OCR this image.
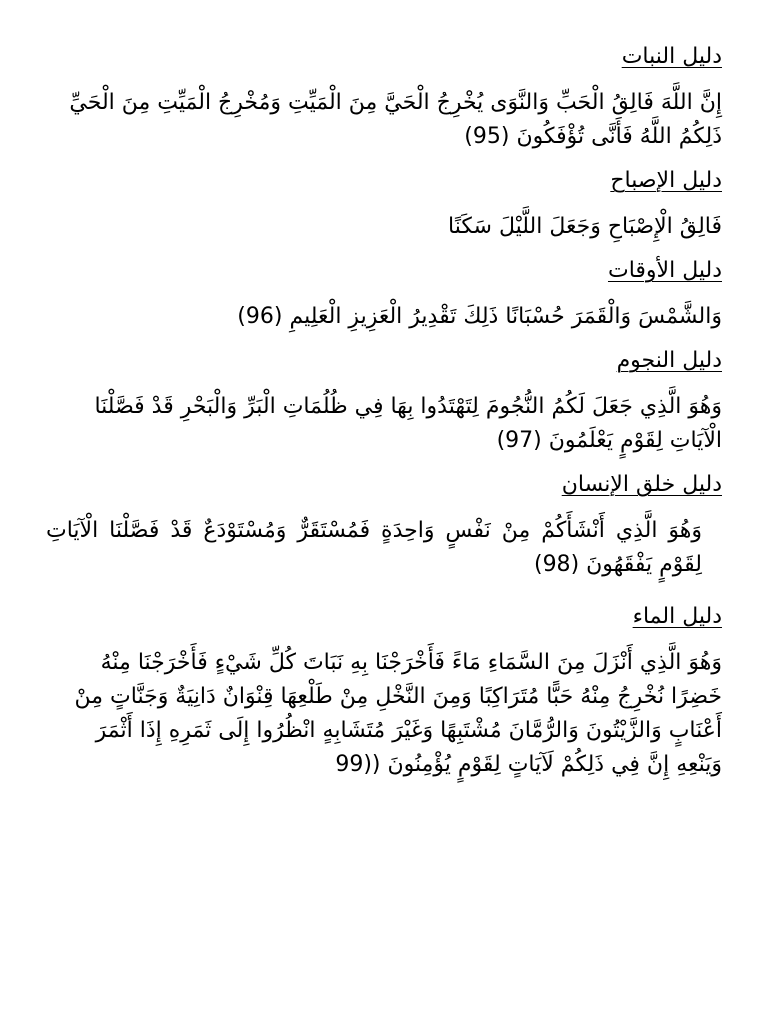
دليل النبات

إِنَّ اللَّهَ فَالِقُ الْحَبِّ وَالنَّوَى يُخْرِجُ الْحَيَّ مِنَ الْمَيِّتِ وَمُخْرِجُ الْمَيِّتِ مِنَ الْحَيِّ ذَلِكُمُ اللَّهُ فَأَنَّى تُؤْفَكُونَ (95)

دليل الإصباح

فَالِقُ الْإِصْبَاحِ وَجَعَلَ اللَّيْلَ سَكَنًا

دليل الأوقات

وَالشَّمْسَ وَالْقَمَرَ حُسْبَانًا ذَلِكَ تَقْدِيرُ الْعَزِيزِ الْعَلِيمِ (96)

دليل النجوم

وَهُوَ الَّذِي جَعَلَ لَكُمُ النُّجُومَ لِتَهْتَدُوا بِهَا فِي ظُلُمَاتِ الْبَرِّ وَالْبَحْرِ قَدْ فَصَّلْنَا الْآيَاتِ لِقَوْمٍ يَعْلَمُونَ (97)

دليل خلق الإنسان

وَهُوَ الَّذِي أَنْشَأَكُمْ مِنْ نَفْسٍ وَاحِدَةٍ فَمُسْتَقَرٌّ وَمُسْتَوْدَعٌ قَدْ فَصَّلْنَا الْآيَاتِ لِقَوْمٍ يَفْقَهُونَ (98)

دليل الماء

وَهُوَ الَّذِي أَنْزَلَ مِنَ السَّمَاءِ مَاءً فَأَخْرَجْنَا بِهِ نَبَاتَ كُلِّ شَيْءٍ فَأَخْرَجْنَا مِنْهُ خَضِرًا نُخْرِجُ مِنْهُ حَبًّا مُتَرَاكِبًا وَمِنَ النَّخْلِ مِنْ طَلْعِهَا قِنْوَانٌ دَانِيَةٌ وَجَنَّاتٍ مِنْ أَعْنَابٍ وَالزَّيْتُونَ وَالرُّمَّانَ مُشْتَبِهًا وَغَيْرَ مُتَشَابِهٍ انْظُرُوا إِلَى ثَمَرِهِ إِذَا أَثْمَرَ وَيَنْعِهِ إِنَّ فِي ذَلِكُمْ لَآيَاتٍ لِقَوْمٍ يُؤْمِنُونَ ((99
